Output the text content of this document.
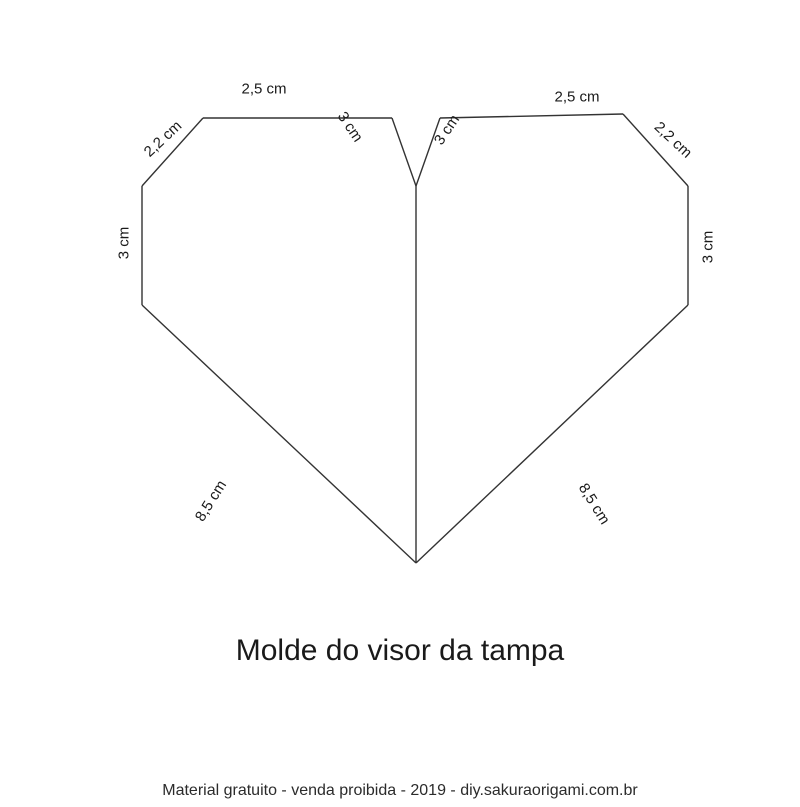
2,5 cm
2,2 cm
3 cm
3 cm	3 cm
2,5 cm
2,2 cm
3 cm
8,5 cm	8,5 cm
Molde do visor da tampa
Material gratuito - venda proibida - 2019 - diy.sakuraorigami.com.br
